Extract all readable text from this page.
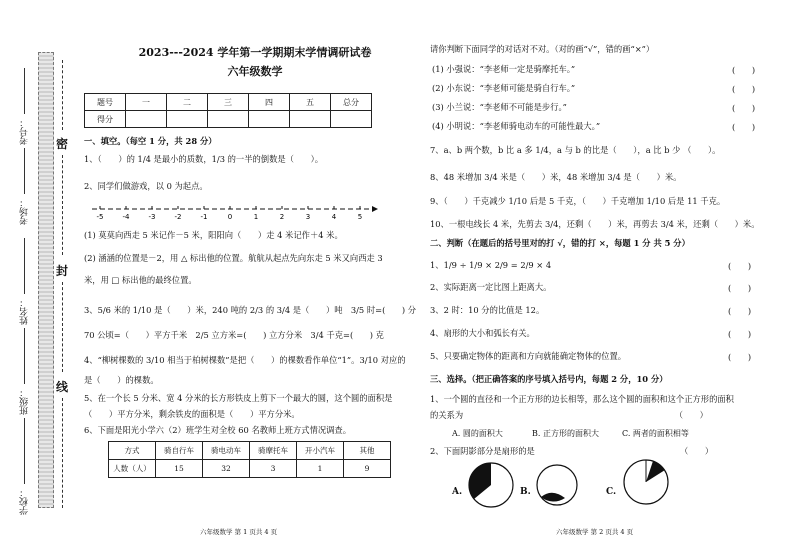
考号：
考场：
姓名：
班级：
学校：
密
封
线
2023---2024 学年第一学期期末学情调研试卷
六年级数学
题号	一	二	三	四	五	总分
得分						
一、填空。（每空 1 分，共 28 分）
1、（　　）的 1/4 是最小的质数，1/3 的一半的倒数是（　　）。
2、同学们做游戏，以 0 为起点。
-5	-4	-3	-2	-1	0	1	2	3	4	5
(1) 莫莫向西走 5 米记作－5 米，阳阳向（　　）走 4 米记作＋4 米。
(2) 涵涵的位置是－2，用 △ 标出他的位置。航航从起点先向东走 5 米又向西走 3
米，用 □ 标出他的最终位置。
3、5/6 米的 1/10 是（　　）米，240 吨的 2/3 的 3/4 是（　　）吨　3/5 时=(　　) 分
70 公顷=（　　）平方千米　2/5 立方米=(　　) 立方分米　3/4 千克=(　　) 克
4、“柳树棵数的 3/10 相当于柏树棵数”是把（　　）的棵数看作单位“1”。3/10 对应的
是（　　）的棵数。
5、在一个长 5 分米、宽 4 分米的长方形铁皮上剪下一个最大的圆，这个圆的面积是
（　　）平方分米，剩余铁皮的面积是（　　）平方分米。
6、下面是阳光小学六（2）班学生对全校 60 名教师上班方式情况调查。
方式	骑自行车	骑电动车	骑摩托车	开小汽车	其他
人数（人）	15	32	3	1	9
六年级数学 第 1 页共 4 页
请你判断下面同学的对话对不对。（对的画“√”，错的画“×”）
(1) 小强说：“李老师一定是骑摩托车。”	(　　)
(2) 小东说：“李老师可能是骑自行车。”	(　　)
(3) 小兰说：“李老师不可能是步行。”	(　　)
(4) 小明说：“李老师骑电动车的可能性最大。”	(　　)
7、a、b 两个数，b 比 a 多 1/4，a 与 b 的比是（　　），a 比 b 少 （　　）。
8、48 米增加 3/4 米是（　　）米，48 米增加 3/4 是（　　）米。
9、（　　）千克减少 1/10 后是 5 千克，（　　）千克增加 1/10 后是 11 千克。
10、一根电线长 4 米，先剪去 3/4，还剩（　　）米，再剪去 3/4 米，还剩（　　）米。
二、判断（在题后的括号里对的打 √，错的打 ×，每题 1 分 共 5 分）
1、1/9 ÷ 1/9 × 2/9 = 2/9 × 4	(　　)
2、实际距离一定比图上距离大。	(　　)
3、2 时：10 分的比值是 12。	(　　)
4、扇形的大小和弧长有关。	(　　)
5、只要确定物体的距离和方向就能确定物体的位置。	(　　)
三、选择。（把正确答案的序号填入括号内，每题 2 分，10 分）
1、一个圆的直径和一个正方形的边长相等，那么这个圆的面积和这个正方形的面积
的关系为　　　　　　　　　　　　　　　　　　　　　　　　　　（　　）
A. 圆的面积大	B. 正方形的面积大	C. 两者的面积相等
2、下面阴影部分是扇形的是　　　　　　　　　　　　　　　　　　（　　）
A.	B.	C.
六年级数学 第 2 页共 4 页
